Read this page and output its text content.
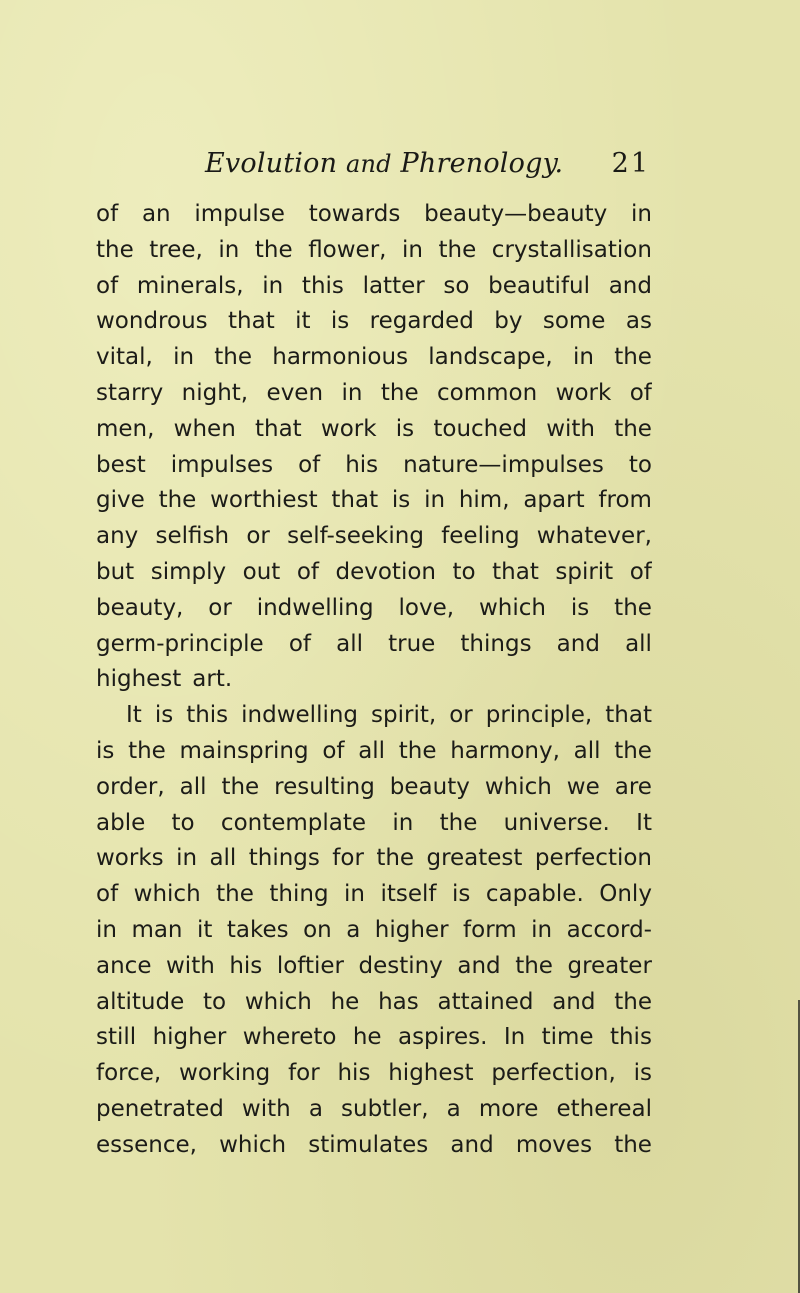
Evolution and Phrenology. 21
of an impulse towards beauty—beauty in
the tree, in the flower, in the crystallisation
of minerals, in this latter so beautiful and
wondrous that it is regarded by some as
vital, in the harmonious landscape, in the
starry night, even in the common work of
men, when that work is touched with the
best impulses of his nature—impulses to
give the worthiest that is in him, apart from
any selfish or self-seeking feeling whatever,
but simply out of devotion to that spirit of
beauty, or indwelling love, which is the
germ-principle of all true things and all
highest art.
It is this indwelling spirit, or principle, that
is the mainspring of all the harmony, all the
order, all the resulting beauty which we are
able to contemplate in the universe. It
works in all things for the greatest perfection
of which the thing in itself is capable. Only
in man it takes on a higher form in accord-
ance with his loftier destiny and the greater
altitude to which he has attained and the
still higher whereto he aspires. In time this
force, working for his highest perfection, is
penetrated with a subtler, a more ethereal
essence, which stimulates and moves the
